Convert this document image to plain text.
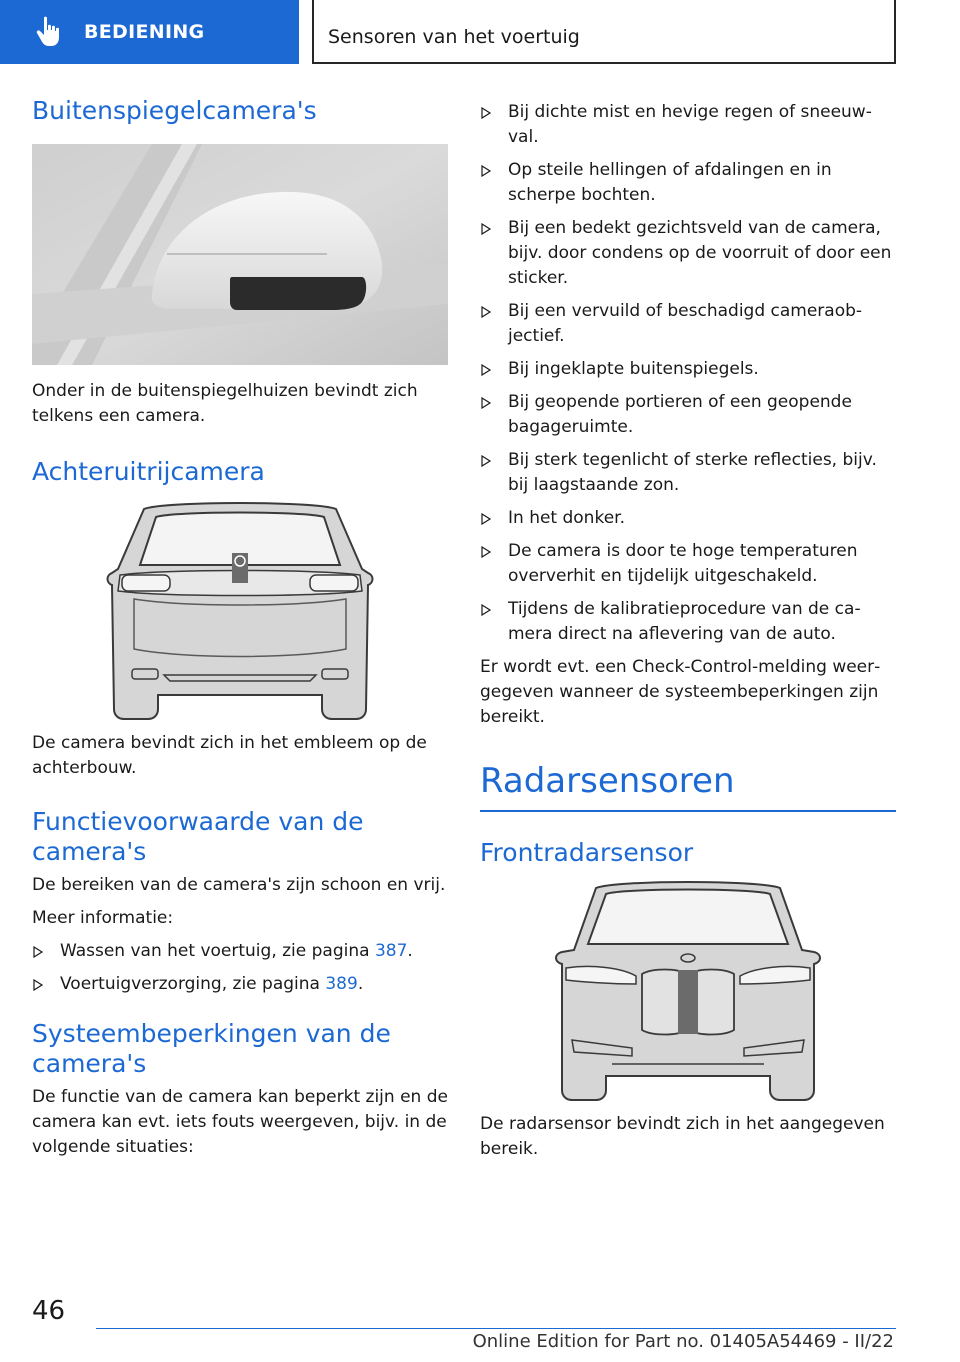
BEDIENING	Sensoren van het voertuig
Buitenspiegelcamera's

Onder in de buitenspiegelhuizen bevindt zich telkens een camera.

Achteruitrijcamera

De camera bevindt zich in het embleem op de achterbouw.

Functievoorwaarde van de camera's

De bereiken van de camera's zijn schoon en vrij.

Meer informatie:

Wassen van het voertuig, zie pagina 387.
Voertuigverzorging, zie pagina 389.
Systeembeperkingen van de camera's

De functie van de camera kan beperkt zijn en de camera kan evt. iets fouts weergeven, bijv. in de volgende situaties:

Bij dichte mist en hevige regen of sneeuwval.
Op steile hellingen of afdalingen en in scherpe bochten.
Bij een bedekt gezichtsveld van de camera, bijv. door condens op de voorruit of door een sticker.
Bij een vervuild of beschadigd cameraobjectief.
Bij ingeklapte buitenspiegels.
Bij geopende portieren of een geopende bagageruimte.
Bij sterk tegenlicht of sterke reflecties, bijv. bij laagstaande zon.
In het donker.
De camera is door te hoge temperaturen oververhit en tijdelijk uitgeschakeld.
Tijdens de kalibratieprocedure van de camera direct na aflevering van de auto.

Er wordt evt. een Check-Control-melding weergegeven wanneer de systeembeperkingen zijn bereikt.

Radarsensoren
Frontradarsensor

De radarsensor bevindt zich in het aangegeven bereik.

46
Online Edition for Part no. 01405A54469 - II/22
